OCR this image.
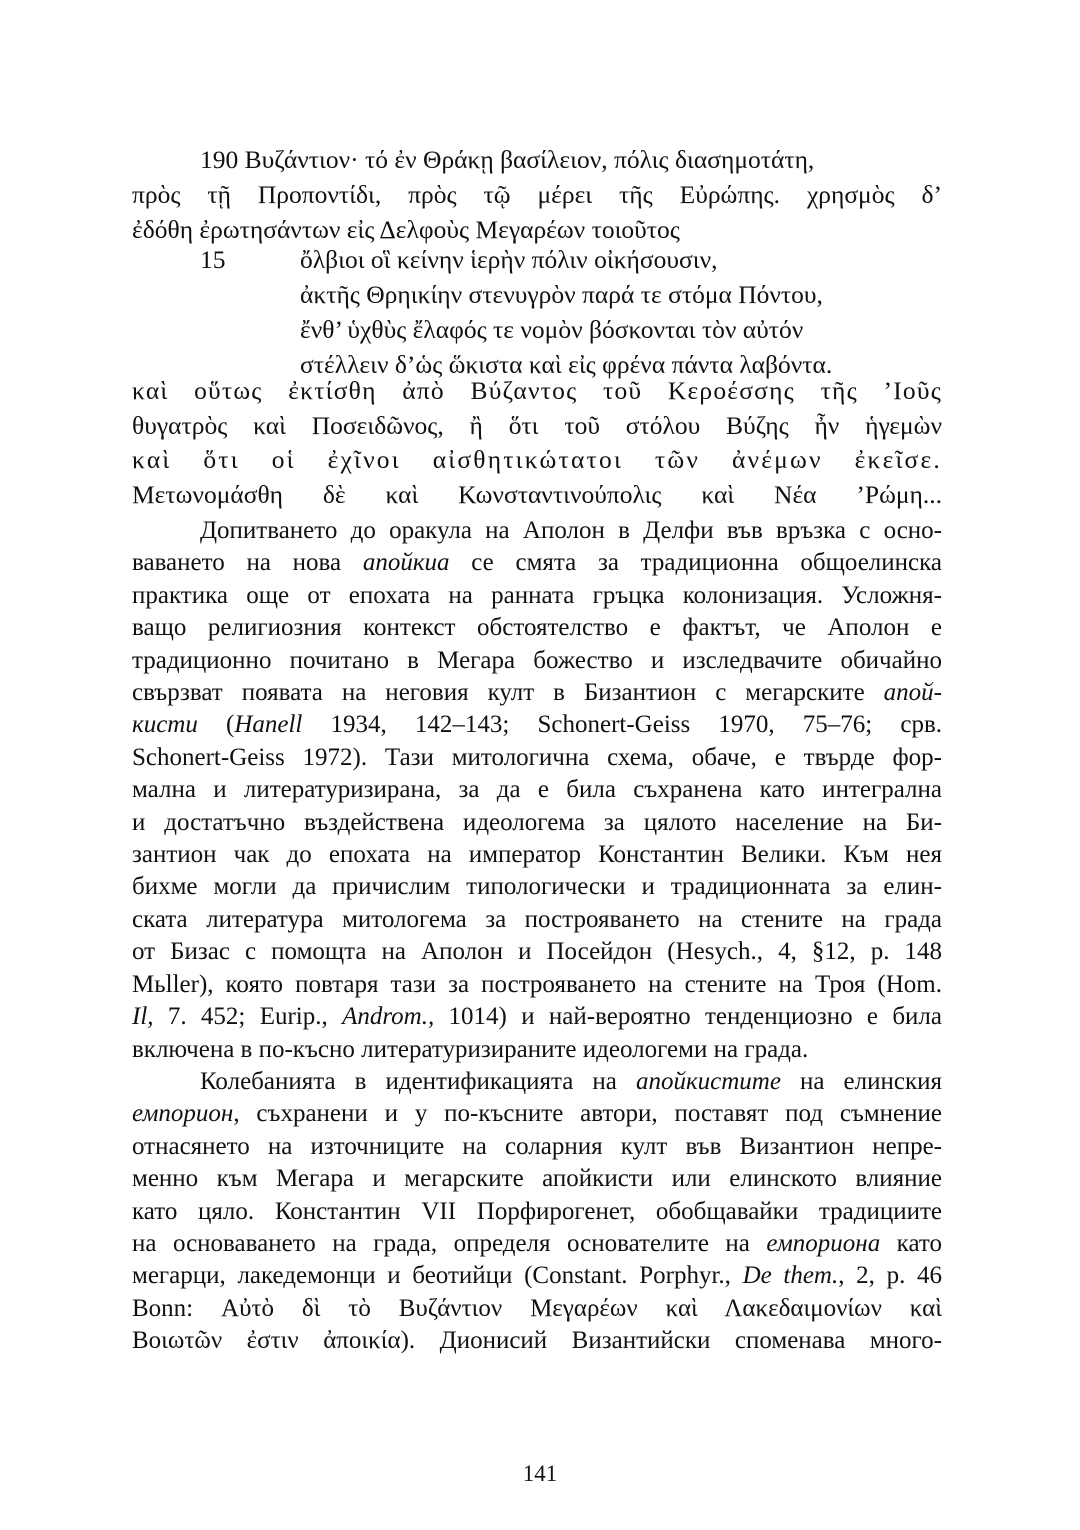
190 Βυζάντιον· τό ἐν Θράκῃ βασίλειον, πόλις διασημοτάτη,
πρὸς τῇ Προποντίδι, πρὸς τῷ μέρει τῆς Εὐρώπης. χρησμὸς δ’
ἐδόθη ἐρωτησάντων εἰς Δελφοὺς Μεγαρέων τοιοῦτος
15	ὄλβιοι οἳ κείνην ἱερὴν πόλιν οἰκήσουσιν,
ἀκτῆς Θρηικίην στενυγρὸν παρά τε στόμα Πόντου,
ἔνθ’ ὑχθὺς ἔλαφός τε νομὸν βόσκονται τὸν αὐτόν
στέλλειν δ’ὡς ὥκιστα καὶ εἰς φρένα πάντα λαβόντα.
καὶ οὕτως ἐκτίσθη ἀπὸ Βύζαντος τοῦ Κεροέσσης τῆς ’Ιοῦς
θυγατρὸς καὶ Ποσειδῶνος, ἢ ὅτι τοῦ στόλου Βύζης ἦν ἡγεμὼν
καὶ ὅτι οἱ ἐχῖνοι αἰσθητικώτατοι τῶν ἀνέμων ἐκεῖσε.
Μετωνομάσθη δὲ καὶ Κωνσταντινούπολις καὶ Νέα ’Ρώμη...
Допитването до оракула на Аполон в Делфи във връзка с осно-
ваването на нова апойкиа се смята за традиционна общоелинска
практика още от епохата на ранната гръцка колонизация. Усложня-
ващо религиозния контекст обстоятелство е фактът, че Аполон е
традиционно почитано в Мегара божество и изследвачите обичайно
свързват появата на неговия култ в Бизантион с мегарските апой-
кисти (Hanell 1934, 142–143; Schonert-Geiss 1970, 75–76; срв.
Schonert-Geiss 1972). Тази митологична схема, обаче, е твърде фор-
мална и литературизирана, за да е била съхранена като интегрална
и достатъчно въздейственa идеологема за цялото население на Би-
зантион чак до епохата на император Константин Велики. Към нея
бихме могли да причислим типологически и традиционната за елин-
ската литература митологема за построяването на стените на града
от Бизас с помощта на Аполон и Посейдон (Hesych., 4, §12, p. 148
Mьller), която повтаря тази за построяването на стените на Троя (Hom.
Il, 7. 452; Eurip., Androm., 1014) и най-вероятно тенденциозно е била
включена в по-късно литературизираните идеологеми на града.
Колебанията в идентификацията на апойкистите на елинския
емпорион, съхранени и у по-късните автори, поставят под съмнение
отнасянето на източниците на соларния култ във Византион непре-
менно към Мегара и мегарските апойкисти или елинското влияние
като цяло. Константин VII Порфирогенет, обобщавайки традициите
на основаването на града, определя основателите на емпориона като
мегарци, лакедемонци и беотийци (Constant. Porphyr., De them., 2, p. 46
Bonn: Αὐτὸ δὶ τὸ Βυζάντιον Μεγαρέων καὶ Λακεδαιμονίων καὶ
Βοιωτῶν ἐστιν ἀποικία). Дионисий Византийски споменава много-
141
